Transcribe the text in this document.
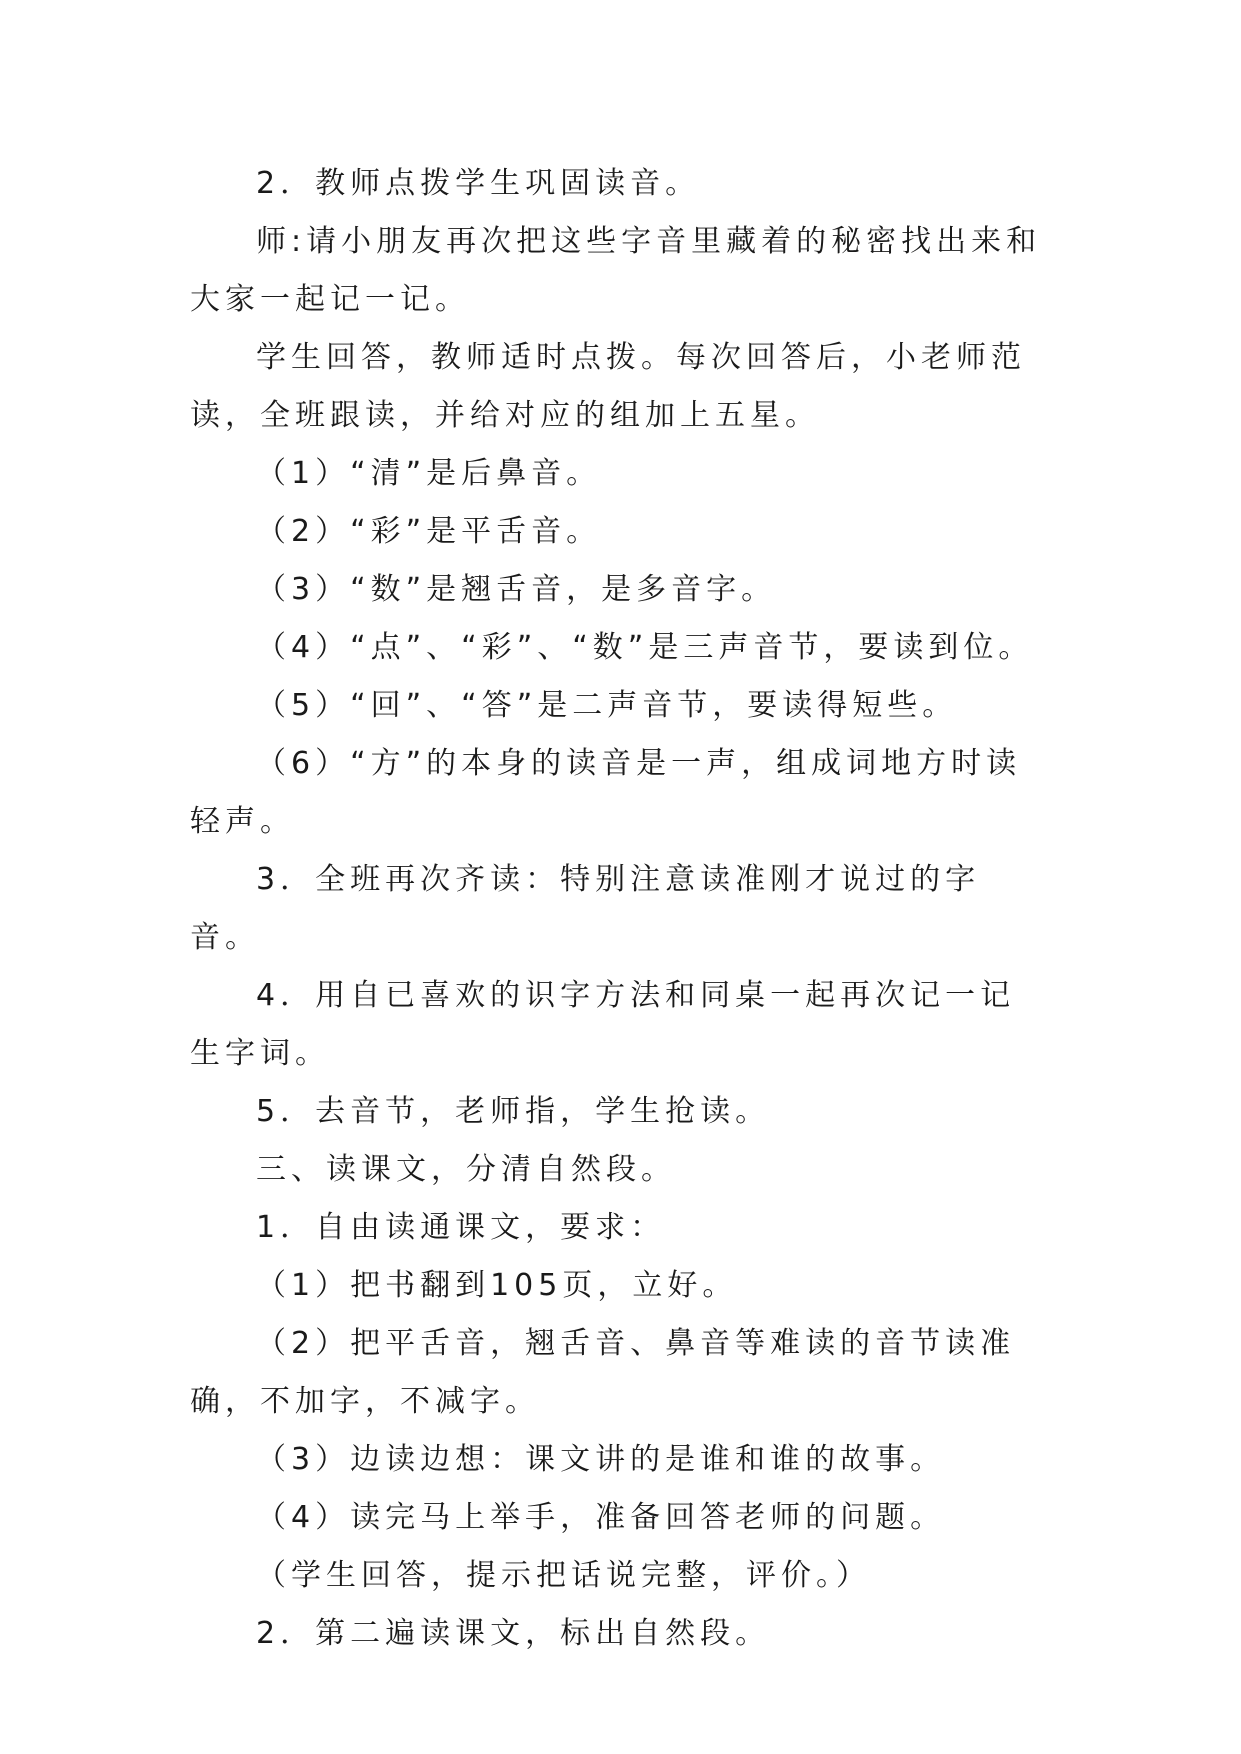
2．教师点拨学生巩固读音。

师:请小朋友再次把这些字音里藏着的秘密找出来和大家一起记一记。

学生回答，教师适时点拨。每次回答后，小老师范读，全班跟读，并给对应的组加上五星。

（1）“清”是后鼻音。

（2）“彩”是平舌音。

（3）“数”是翘舌音，是多音字。

（4）“点”、“彩”、“数”是三声音节，要读到位。

（5）“回”、“答”是二声音节，要读得短些。

（6）“方”的本身的读音是一声，组成词地方时读轻声。

3．全班再次齐读：特别注意读准刚才说过的字音。

4．用自已喜欢的识字方法和同桌一起再次记一记生字词。

5．去音节，老师指，学生抢读。

三、读课文，分清自然段。

1．自由读通课文，要求：

（1）把书翻到105页，立好。

（2）把平舌音，翘舌音、鼻音等难读的音节读准确，不加字，不减字。

（3）边读边想：课文讲的是谁和谁的故事。

（4）读完马上举手，准备回答老师的问题。

（学生回答，提示把话说完整，评价。）

2．第二遍读课文，标出自然段。
